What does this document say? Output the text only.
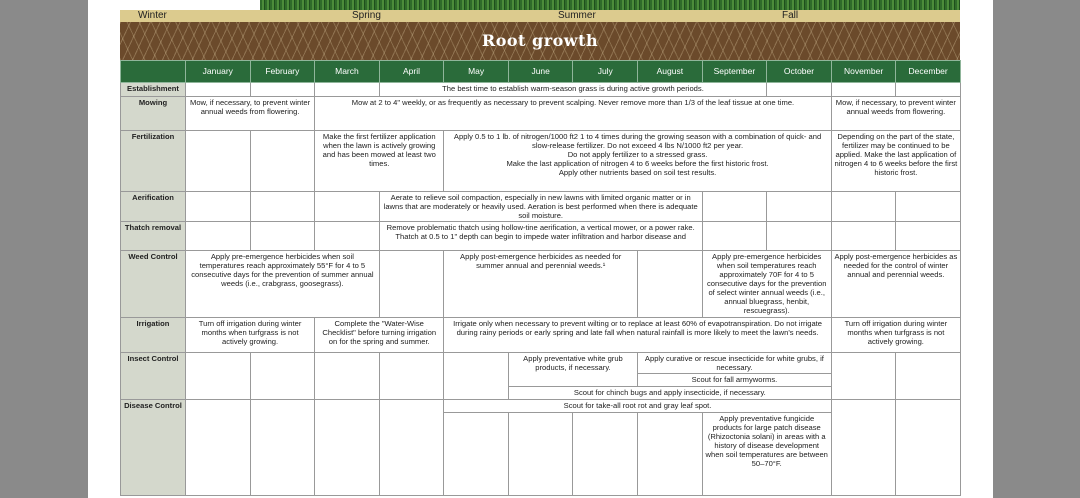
Winter	Spring	Summer	Fall
Root growth
	January	February	March	April	May	June	July	August	September	October	November	December
Establishment				The best time to establish warm-season grass is during active growth periods.								
Mowing	Mow, if necessary, to prevent winter annual weeds from flowering.		Mow at 2 to 4" weekly, or as frequently as necessary to prevent scalping. Never remove more than 1/3 of the leaf tissue at one time.								Mow, if necessary, to prevent winter annual weeds from flowering.	
Fertilization			Make the first fertilizer application when the lawn is actively growing and has been mowed at least two times.		Apply 0.5 to 1 lb. of nitrogen/1000 ft2 1 to 4 times during the growing season with a combination of quick- and slow-release fertilizer. Do not exceed 4 lbs N/1000 ft2 per year.
Do not apply fertilizer to a stressed grass.
Make the last application of nitrogen 4 to 6 weeks before the first historic frost.
Apply other nutrients based on soil test results.						Depending on the part of the state, fertilizer may be continued to be applied. Make the last application of nitrogen 4 to 6 weeks before the first historic frost.	
Aerification				Aerate to relieve soil compaction, especially in new lawns with limited organic matter or in lawns that are moderately or heavily used. Aeration is best performed when there is adequate soil moisture.								
Thatch removal				Remove problematic thatch using hollow-tine aerification, a vertical mower, or a power rake. Thatch at 0.5 to 1" depth can begin to impede water infiltration and harbor disease and								
Weed Control	Apply pre-emergence herbicides when soil temperatures reach approximately 55°F for 4 to 5 consecutive days for the prevention of summer annual weeds (i.e., crabgrass, goosegrass).				Apply post-emergence herbicides as needed for summer annual and perennial weeds.¹				Apply pre-emergence herbicides when soil temperatures reach approximately 70F for 4 to 5 consecutive days for the prevention of select winter annual weeds (i.e., annual bluegrass, henbit, rescuegrass).		Apply post-emergence herbicides as needed for the control of winter annual and perennial weeds.	
Irrigation	Turn off irrigation during winter months when turfgrass is not actively growing.		Complete the "Water-Wise Checklist" before turning irrigation on for the spring and summer.		Irrigate only when necessary to prevent wilting or to replace at least 60% of evapotranspiration. Do not irrigate during rainy periods or early spring and late fall when natural rainfall is more likely to meet the lawn's needs.						Turn off irrigation during winter months when turfgrass is not actively growing.	
Insect Control						Apply preventative white grub products, if necessary.		Apply curative or rescue insecticide for white grubs, if necessary.				
								Scout for fall armyworms.				
						Scout for chinch bugs and apply insecticide, if necessary.						
Disease Control					Scout for take-all root rot and gray leaf spot.							
									Apply preventative fungicide products for large patch disease (Rhizoctonia solani) in areas with a history of disease development when soil temperatures are between 50–70°F.			
